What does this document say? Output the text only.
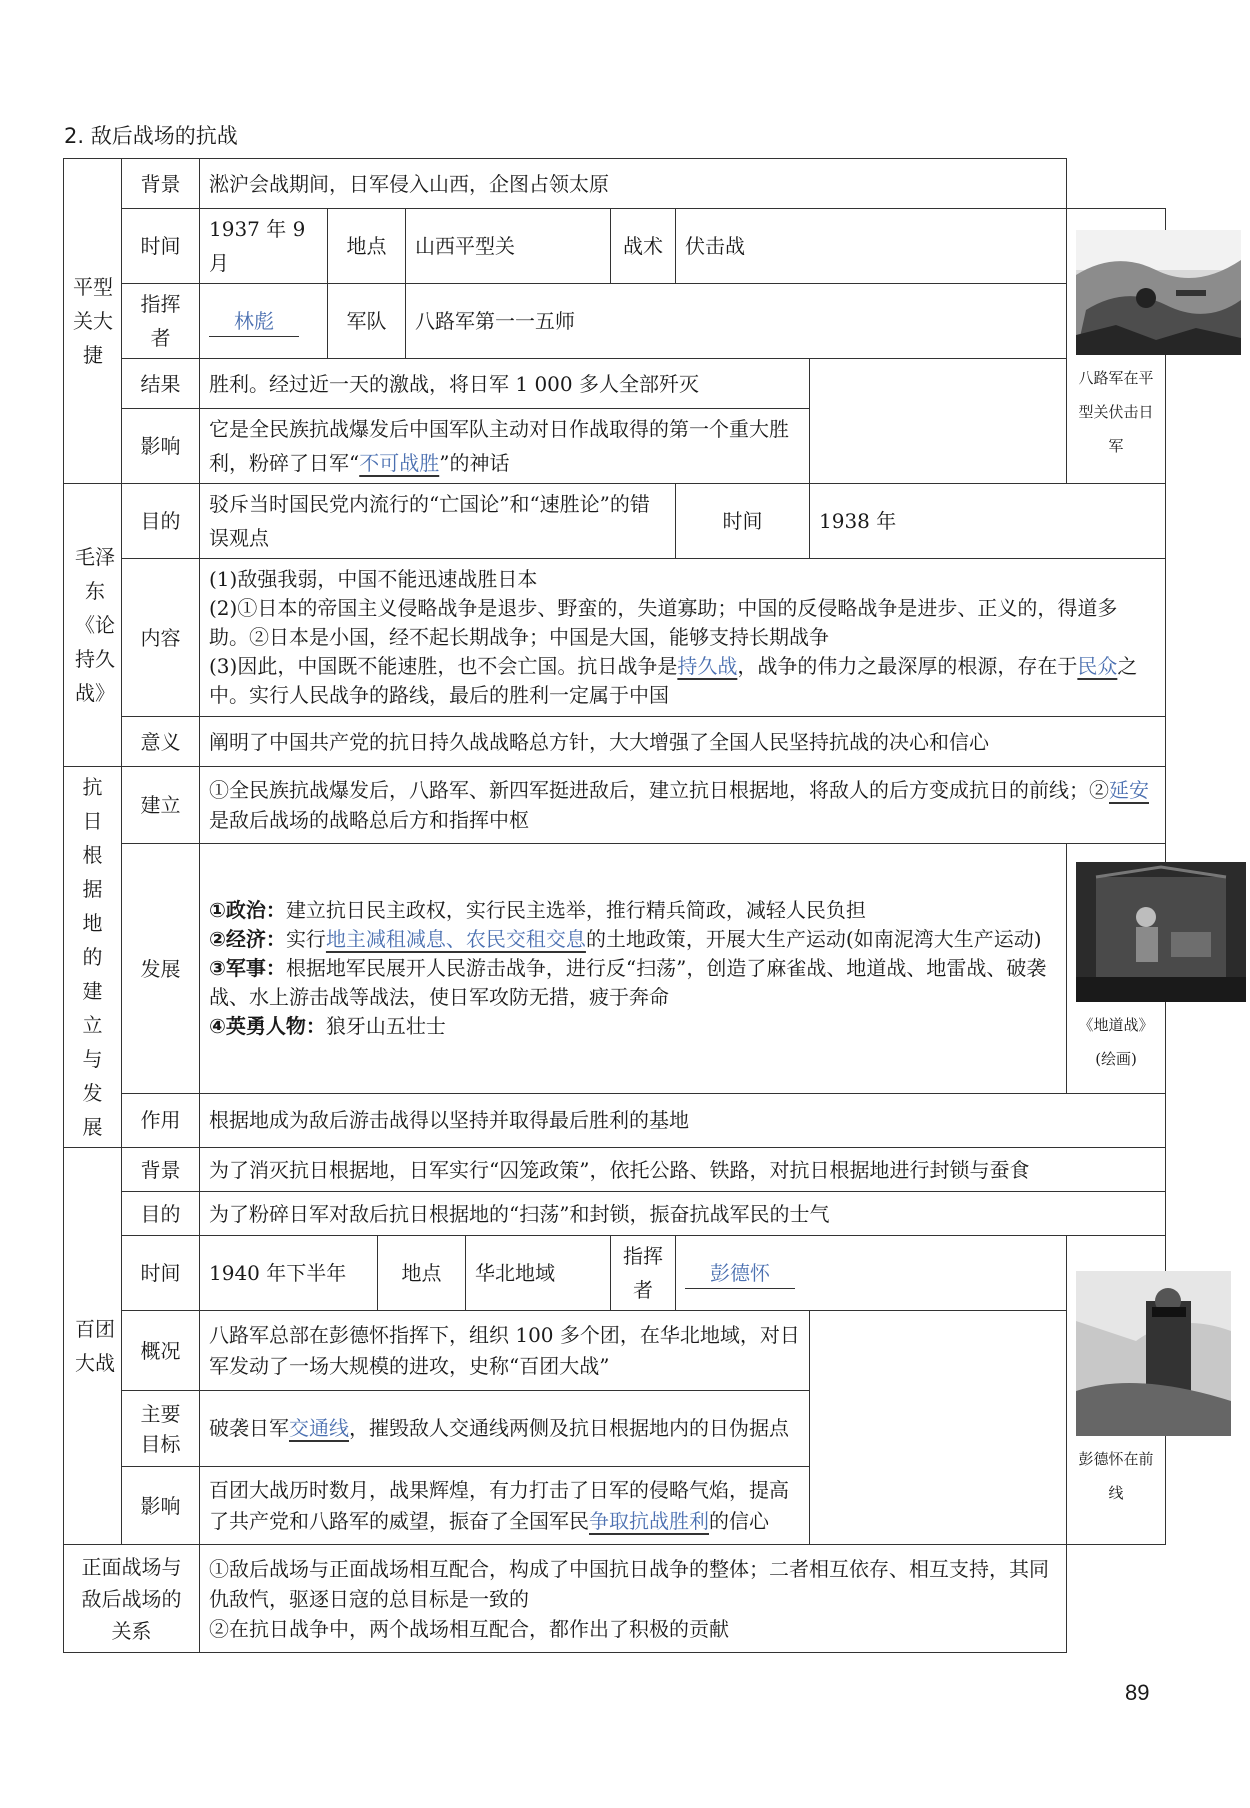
2. 敌后战场的抗战
平型关大捷	背景	淞沪会战期间，日军侵入山西，企图占领太原								
	时间	1937 年 9 月	地点		山西平型关		战术	伏击战		八路军在平型关伏击日军

	指挥者	林彪	军队		八路军第一一五师					
	结果	胜利。经过近一天的激战，将日军 1 000 多人全部歼灭								
	影响	它是全民族抗战爆发后中国军队主动对日作战取得的第一个重大胜利，粉碎了日军“不可战胜”的神话								

毛泽东《论持久战》	目的	驳斥当时国民党内流行的“亡国论”和“速胜论”的错误观点						时间	1938 年	
	内容	(1)敌强我弱，中国不能迅速战胜日本
(2)①日本的帝国主义侵略战争是退步、野蛮的，失道寡助；中国的反侵略战争是进步、正义的，得道多助。②日本是小国，经不起长期战争；中国是大国，能够支持长期战争
(3)因此，中国既不能速胜，也不会亡国。抗日战争是持久战，战争的伟力之最深厚的根源，存在于民众之中。实行人民战争的路线，最后的胜利一定属于中国								

	意义	阐明了中国共产党的抗日持久战战略总方针，大大增强了全国人民坚持抗战的决心和信心								

抗日根据地的建立与发展	建立	①全民族抗战爆发后，八路军、新四军挺进敌后，建立抗日根据地，将敌人的后方变成抗日的前线；②延安是敌后战场的战略总后方和指挥中枢								
	发展	①政治：建立抗日民主政权，实行民主选举，推行精兵简政，减轻人民负担
②经济：实行地主减租减息、农民交租交息的土地政策，开展大生产运动(如南泥湾大生产运动)
③军事：根据地军民展开人民游击战争，进行反“扫荡”，创造了麻雀战、地道战、地雷战、破袭战、水上游击战等战法，使日军攻防无措，疲于奔命
④英勇人物：狼牙山五壮士								《地道战》(绘画)

	作用	根据地成为敌后游击战得以坚持并取得最后胜利的基地								

百团大战	背景	为了消灭抗日根据地，日军实行“囚笼政策”，依托公路、铁路，对抗日根据地进行封锁与蚕食								
	目的	为了粉碎日军对敌后抗日根据地的“扫荡”和封锁，振奋抗战军民的士气								
	时间	1940 年下半年		地点		华北地域	指挥者	彭德怀		彭德怀在前线

	概况	八路军总部在彭德怀指挥下，组织 100 多个团，在华北地域，对日军发动了一场大规模的进攻，史称“百团大战”								

	主要目标	破袭日军交通线，摧毁敌人交通线两侧及抗日根据地内的日伪据点								
	影响	百团大战历时数月，战果辉煌，有力打击了日军的侵略气焰，提高了共产党和八路军的威望，振奋了全国军民争取抗战胜利的信心								

正面战场与敌后战场的关系		①敌后战场与正面战场相互配合，构成了中国抗日战争的整体；二者相互依存、相互支持，其同仇敌忾，驱逐日寇的总目标是一致的
②在抗日战争中，两个战场相互配合，都作出了积极的贡献								
89
